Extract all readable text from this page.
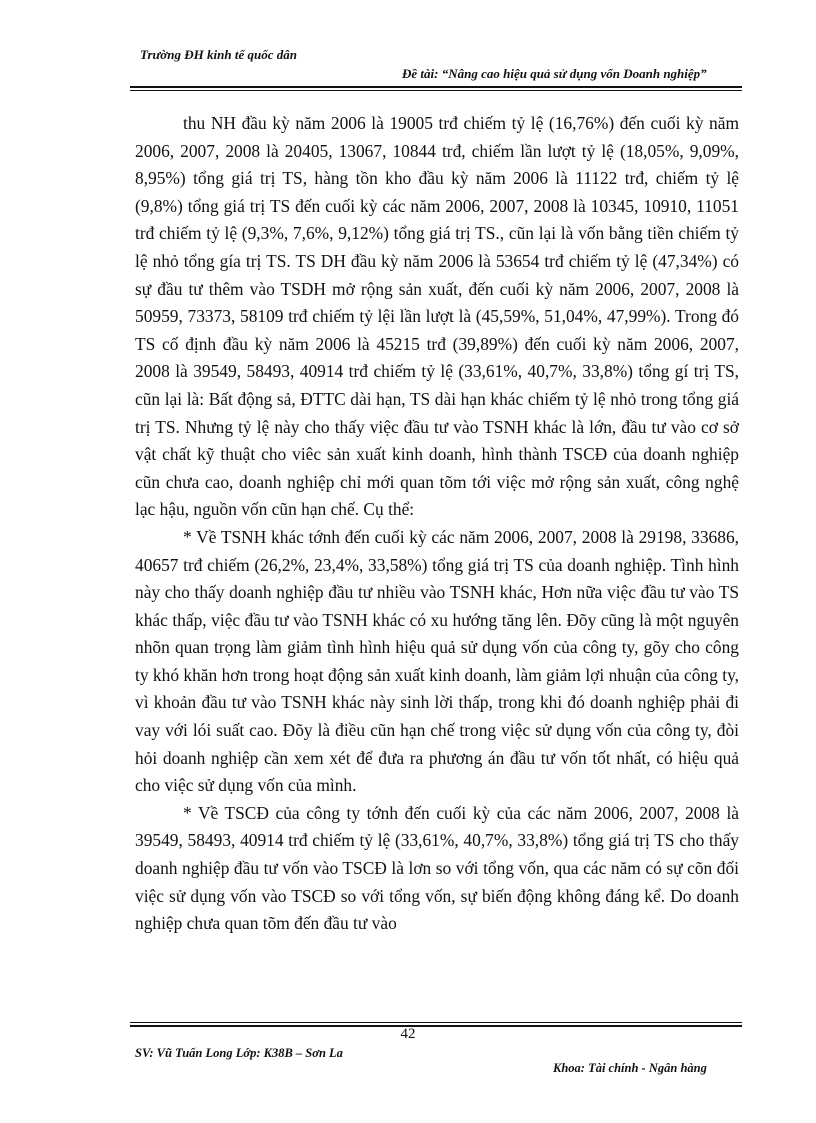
Trường ĐH kinh tế quốc dân
Đề tài: “Nâng cao hiệu quả sử dụng vốn Doanh nghiệp”

thu NH đầu kỳ năm 2006 là 19005 trđ chiếm tỷ lệ (16,76%) đến cuối kỳ năm 2006, 2007, 2008 là 20405, 13067, 10844 trđ, chiếm lần lượt tỷ lệ (18,05%, 9,09%, 8,95%) tổng giá trị TS, hàng tồn kho đầu kỳ năm 2006 là 11122 trđ, chiếm tỷ lệ (9,8%) tổng giá trị TS đến cuối kỳ các năm 2006, 2007, 2008 là 10345, 10910, 11051 trđ chiếm tỷ lệ (9,3%, 7,6%, 9,12%) tổng giá trị TS., cũn lại là vốn bằng tiền chiếm tỷ lệ nhỏ tổng gía trị TS. TS DH đầu kỳ năm 2006 là 53654 trđ chiếm tỷ lệ (47,34%) có sự đầu tư thêm vào TSDH mở rộng sản xuất, đến cuối kỳ năm 2006, 2007, 2008 là 50959, 73373, 58109 trđ chiếm tỷ lệi lần lượt là (45,59%, 51,04%, 47,99%). Trong đó TS cố định đầu kỳ năm 2006 là 45215 trđ (39,89%) đến cuối kỳ năm 2006, 2007, 2008 là 39549, 58493, 40914 trđ chiếm tỷ lệ (33,61%, 40,7%, 33,8%) tổng gí trị TS, cũn lại là: Bất động sả, ĐTTC dài hạn, TS dài hạn khác chiếm tỷ lệ nhỏ trong tổng giá trị TS. Nhưng tỷ lệ này cho thấy việc đầu tư vào TSNH khác là lớn, đầu tư vào cơ sở vật chất kỹ thuật cho viêc sản xuất kinh doanh, hình thành TSCĐ của doanh nghiệp cũn chưa cao, doanh nghiệp chỉ mới quan tõm tới việc mở rộng sản xuất, công nghệ lạc hậu, nguồn vốn cũn hạn chế. Cụ thể:

* Về TSNH khác tớnh đến cuối kỳ các năm 2006, 2007, 2008 là 29198, 33686, 40657 trđ chiếm (26,2%, 23,4%, 33,58%) tổng giá trị TS của doanh nghiệp. Tình hình này cho thấy doanh nghiệp đầu tư nhiều vào TSNH khác, Hơn nữa việc đầu tư vào TS khác thấp, việc đầu tư vào TSNH khác có xu hướng tăng lên. Đõy cũng là một nguyên nhõn quan trọng làm giảm tình hình hiệu quả sử dụng vốn của công ty, gõy cho công ty khó khăn hơn trong hoạt động sản xuất kinh doanh, làm giảm lợi nhuận của công ty, vì khoản đầu tư vào TSNH khác này sinh lời thấp, trong khi đó doanh nghiệp phải đi vay với lói suất cao. Đõy là điều cũn hạn chế trong việc sử dụng vốn của công ty, đòi hỏi doanh nghiệp cần xem xét để đưa ra phương án đầu tư vốn tốt nhất, có hiệu quả cho việc sử dụng vốn của mình.

* Về TSCĐ của công ty tớnh đến cuối kỳ của các năm 2006, 2007, 2008 là 39549, 58493, 40914 trđ chiếm tỷ lệ (33,61%, 40,7%, 33,8%) tổng giá trị TS cho thấy doanh nghiệp đầu tư vốn vào TSCĐ là lơn so với tổng vốn, qua các năm có sự cõn đối việc sử dụng vốn vào TSCĐ so với tổng vốn, sự biến động không đáng kể. Do doanh nghiệp chưa quan tõm đến đầu tư vào

42
SV: Vũ Tuấn Long Lớp: K38B – Sơn La
Khoa: Tài chính - Ngân hàng
